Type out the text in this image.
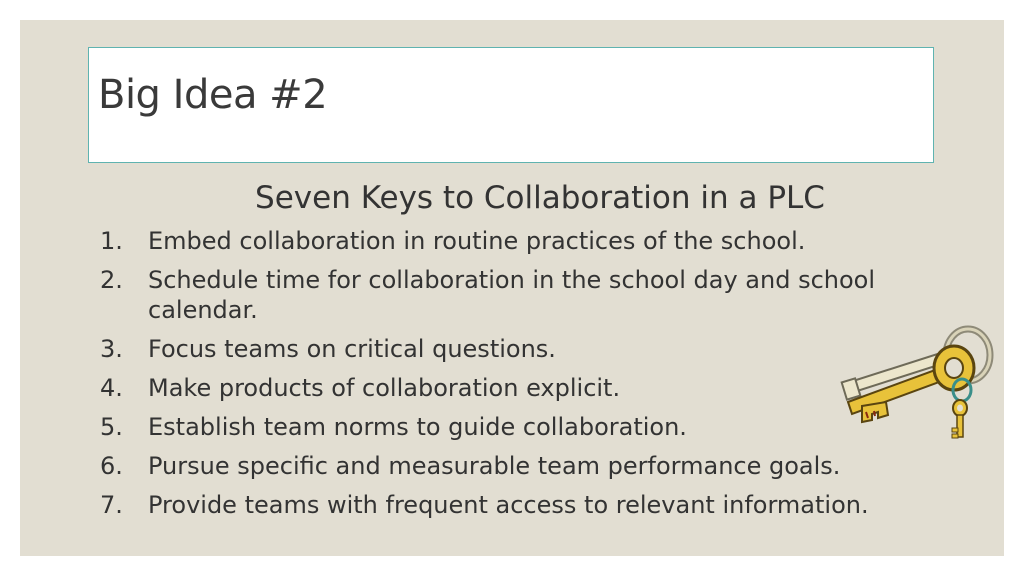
Big Idea #2
Seven Keys to Collaboration in a PLC
1. Embed collaboration in routine practices of the school.
2. Schedule time for collaboration in the school day and school calendar.
3. Focus teams on critical questions.
4. Make products of collaboration explicit.
5. Establish team norms to guide collaboration.
6. Pursue specific and measurable team performance goals.
7. Provide teams with frequent access to relevant information.
